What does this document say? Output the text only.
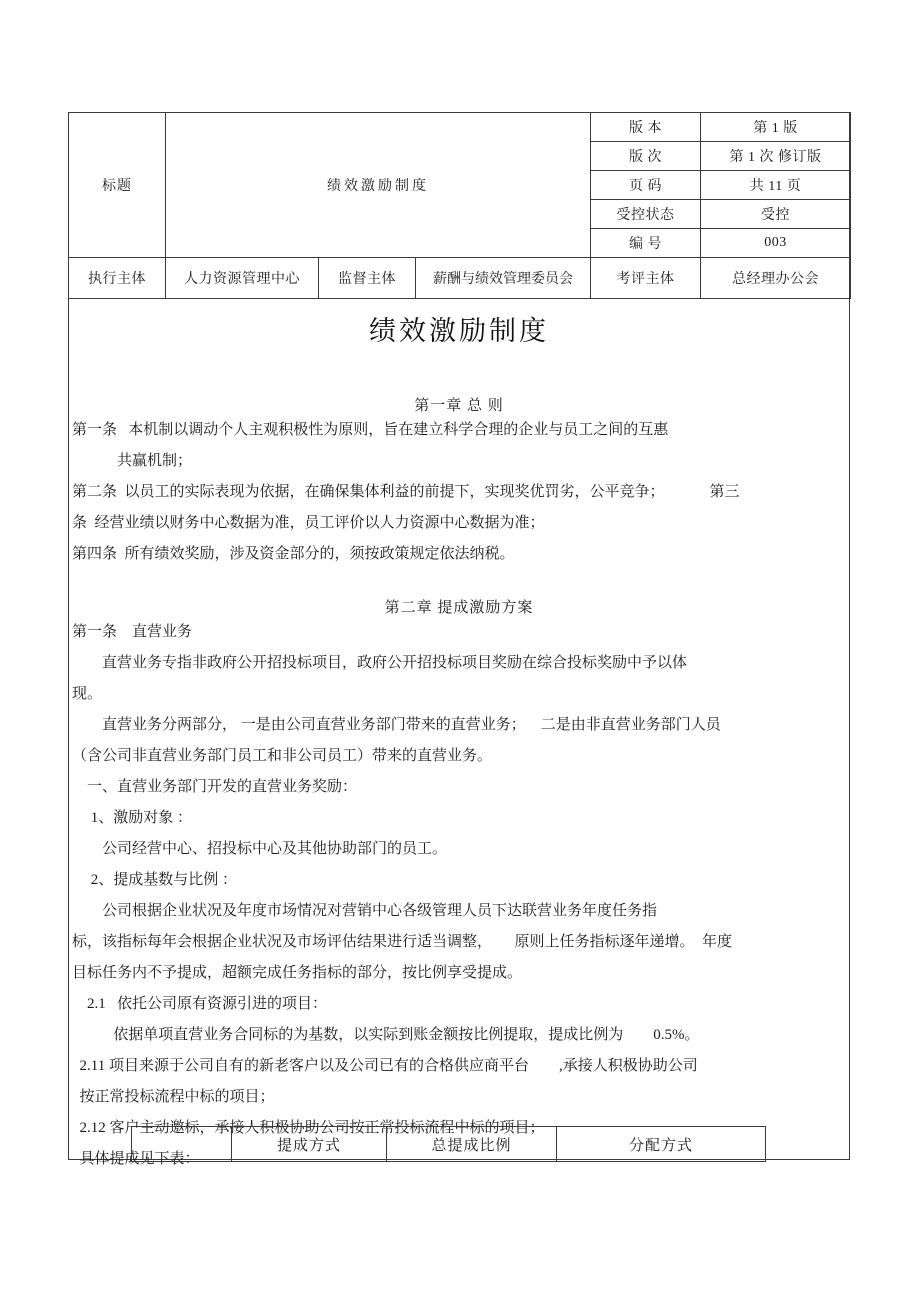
标题	绩效激励制度			版 本	第 1 版
				版 次	第 1 次 修订版
				页 码	共 11 页
				受控状态	受控
				编 号	003
执行主体	人力资源管理中心	监督主体	薪酬与绩效管理委员会	考评主体	总经理办公会
绩效激励制度
第一章 总 则

第一条   本机制以调动个人主观积极性为原则，旨在建立科学合理的企业与员工之间的互惠

共赢机制；

第二条  以员工的实际表现为依据，在确保集体利益的前提下，实现奖优罚劣，公平竞争；            第三

条  经营业绩以财务中心数据为准，员工评价以人力资源中心数据为准；

第四条  所有绩效奖励，涉及资金部分的，须按政策规定依法纳税。

第二章 提成激励方案

第一条    直营业务

直营业务专指非政府公开招投标项目，政府公开招投标项目奖励在综合投标奖励中予以体

现。

直营业务分两部分， 一是由公司直营业务部门带来的直营业务；    二是由非直营业务部门人员

（含公司非直营业务部门员工和非公司员工）带来的直营业务。

一、直营业务部门开发的直营业务奖励：

1、激励对象 ：

公司经营中心、招投标中心及其他协助部门的员工。

2、提成基数与比例 ：

公司根据企业状况及年度市场情况对营销中心各级管理人员下达联营业务年度任务指

标，该指标每年会根据企业状况及市场评估结果进行适当调整，      原则上任务指标逐年递增。  年度

目标任务内不予提成，超额完成任务指标的部分，按比例享受提成。

2.1   依托公司原有资源引进的项目：

依据单项直营业务合同标的为基数，以实际到账金额按比例提取，提成比例为        0.5%。

2.11 项目来源于公司自有的新老客户以及公司已有的合格供应商平台        ,承接人积极协助公司

按正常投标流程中标的项目；

2.12 客户主动邀标，承接人积极协助公司按正常投标流程中标的项目；

具体提成见下表：

	提成方式	总提成比例	分配方式
